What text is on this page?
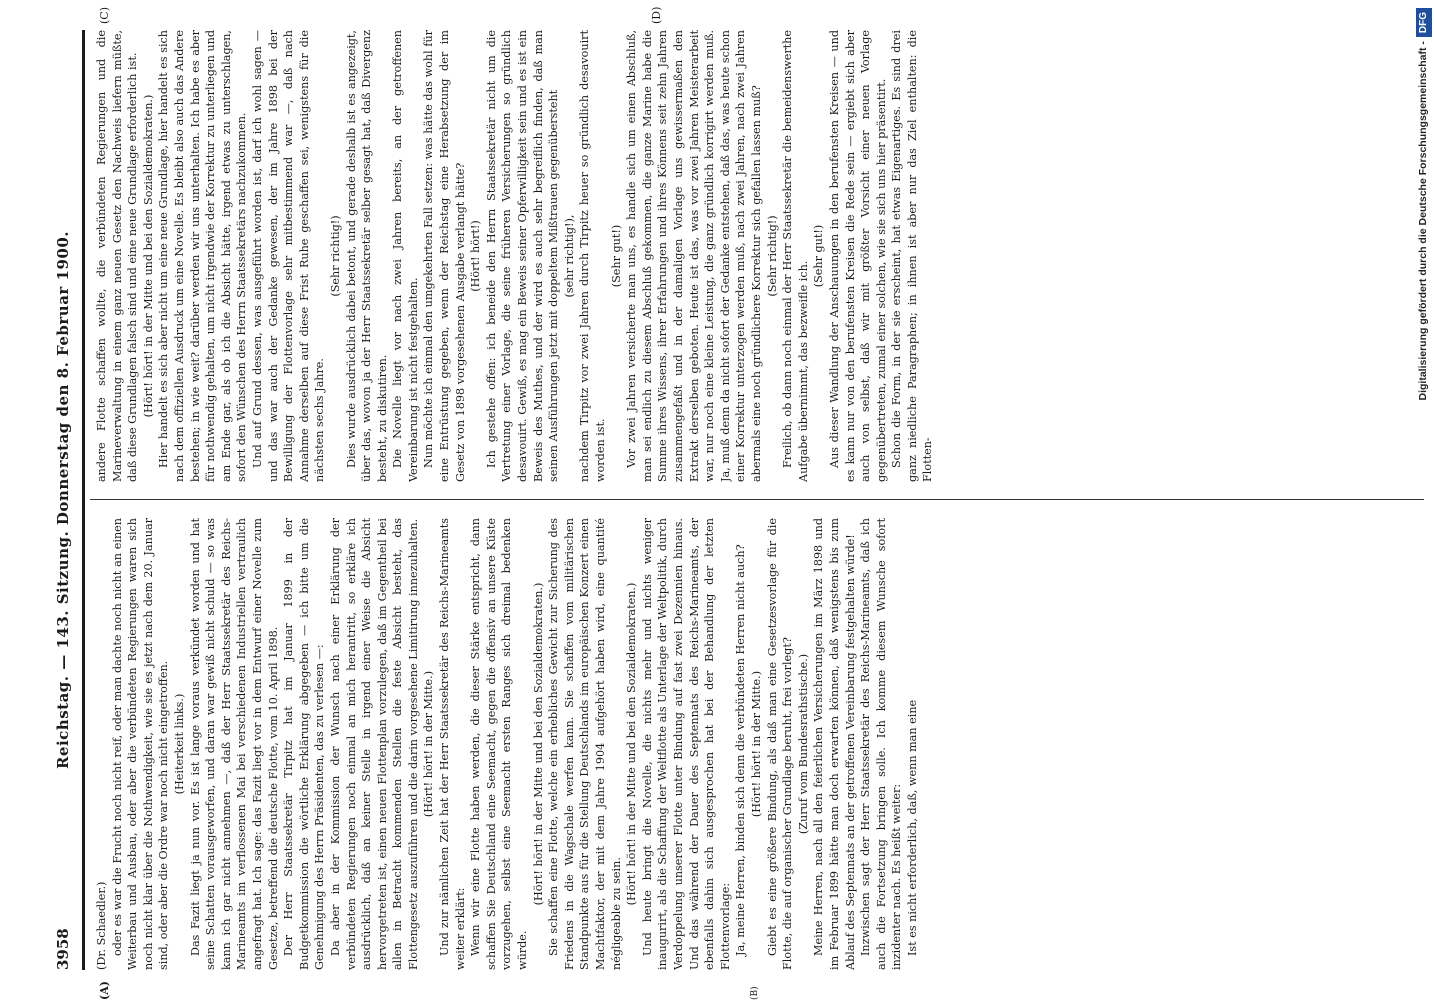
3958
Reichstag. — 143. Sitzung. Donnerstag den 8. Februar 1900.
(A)	(B)
(C)	(D)

(Dr. Schaedler.) oder es war die Frucht noch nicht reif, oder man dachte noch nicht an einen Weiterbau und Ausbau, oder aber die verbündeten Regierungen waren sich noch nicht klar über die Nothwendigkeit, wie sie es jetzt nach dem 20. Januar sind, oder aber die Ordre war noch nicht eingetroffen. (Heiterkeit links.) Das Fazit liegt ja nun vor. Es ist lange voraus verkündet worden und hat seine Schatten vorausgeworfen, und daran war gewiß nicht schuld — so was kann ich gar nicht annehmen —, daß der Herr Staatssekretär des Reichs-Marineamts im verflossenen Mai bei verschiedenen Industriellen vertraulich angefragt hat. Ich sage: das Fazit liegt vor in dem Entwurf einer Novelle zum Gesetze, betreffend die deutsche Flotte, vom 10. April 1898. Der Herr Staatssekretär Tirpitz hat im Januar 1899 in der Budgetkommission die wörtliche Erklärung abgegeben — ich bitte um die Genehmigung des Herrn Präsidenten, das zu verlesen —: Da aber in der Kommission der Wunsch nach einer Erklärung der verbündeten Regierungen noch einmal an mich herantritt, so erkläre ich ausdrücklich, daß an keiner Stelle in irgend einer Weise die Absicht hervorgetreten ist, einen neuen Flottenplan vorzulegen, daß im Gegentheil bei allen in Betracht kommenden Stellen die feste Absicht besteht, das Flottengesetz auszuführen und die darin vorgesehene Limitirung innezuhalten. (Hört! hört! in der Mitte.) Und zur nämlichen Zeit hat der Herr Staatssekretär des Reichs-Marineamts weiter erklärt: Wenn wir eine Flotte haben werden, die dieser Stärke entspricht, dann schaffen Sie Deutschland eine Seemacht, gegen die offensiv an unsere Küste vorzugehen, selbst eine Seemacht ersten Ranges sich dreimal bedenken würde.

(Hört! hört! in der Mitte und bei den Sozialdemokraten.) Sie schaffen eine Flotte, welche ein erhebliches Gewicht zur Sicherung des Friedens in die Wagschale werfen kann. Sie schaffen vom militärischen Standpunkte aus für die Stellung Deutschlands im europäischen Konzert einen Machtfaktor, der mit dem Jahre 1904 aufgehört haben wird, eine quantité négligeable zu sein.

(Hört! hört! in der Mitte und bei den Sozialdemokraten.) Und heute bringt die Novelle, die nichts mehr und nichts weniger inaugurirt, als die Schaffung der Weltflotte als Unterlage der Weltpolitik, durch Verdoppelung unserer Flotte unter Bindung auf fast zwei Dezennien hinaus. Und das während der Dauer des Septennats des Reichs-Marineamts, der ebenfalls dahin sich ausgesprochen hat bei der Behandlung der letzten Flottenvorlage: Ja, meine Herren, binden sich denn die verbündeten Herren nicht auch? (Hört! hört! in der Mitte.) Giebt es eine größere Bindung, als daß man eine Gesetzesvorlage für die Flotte, die auf organischer Grundlage beruht, frei vorlegt? (Zuruf vom Bundesrathstische.) Meine Herren, nach all den feierlichen Versicherungen im März 1898 und im Februar 1899 hätte man doch erwarten können, daß wenigstens bis zum Ablauf des Septennats an der getroffenen Vereinbarung festgehalten würde! Inzwischen sagt der Herr Staatssekretär des Reichs-Marineamts, daß ich auch die Fortsetzung bringen solle. Ich komme diesem Wunsche sofort inzidenter nach. Es heißt weiter: Ist es nicht erforderlich, daß, wenn man eine

andere Flotte schaffen wollte, die verbündeten Regierungen und die Marineverwaltung in einem ganz neuen Gesetz den Nachweis liefern müßte, daß diese Grundlagen falsch sind und eine neue Grundlage erforderlich ist. (Hört! hört! in der Mitte und bei den Sozialdemokraten.) Hier handelt es sich aber nicht um eine neue Grundlage, hier handelt es sich nach dem offiziellen Ausdruck um eine Novelle. Es bleibt also auch das Andere bestehen; in wie weit? darüber werden wir uns unterhalten. Ich habe es aber für nothwendig gehalten, um nicht irgendwie der Korrektur zu unterliegen und am Ende gar, als ob ich die Absicht hätte, irgend etwas zu unterschlagen, sofort den Wünschen des Herrn Staatssekretärs nachzukommen. Und auf Grund dessen, was ausgeführt worden ist, darf ich wohl sagen — und das war auch der Gedanke gewesen, der im Jahre 1898 bei der Bewilligung der Flottenvorlage sehr mitbestimmend war —, daß nach Annahme derselben auf diese Frist Ruhe geschaffen sei, wenigstens für die nächsten sechs Jahre.

(Sehr richtig!) Dies wurde ausdrücklich dabei betont, und gerade deshalb ist es angezeigt, über das, wovon ja der Herr Staatssekretär selber gesagt hat, daß Divergenz besteht, zu diskutiren. Die Novelle liegt vor nach zwei Jahren bereits, an der getroffenen Vereinbarung ist nicht festgehalten. Nun möchte ich einmal den umgekehrten Fall setzen: was hätte das wohl für eine Entrüstung gegeben, wenn der Reichstag eine Herabsetzung der im Gesetz von 1898 vorgesehenen Ausgabe verlangt hätte? (Hört! hört!) Ich gestehe offen: ich beneide den Herrn Staatssekretär nicht um die Vertretung einer Vorlage, die seine früheren Versicherungen so gründlich desavouirt. Gewiß, es mag ein Beweis seiner Opferwilligkeit sein und es ist ein Beweis des Muthes, und der wird es auch sehr begreiflich finden, daß man seinen Ausführungen jetzt mit doppeltem Mißtrauen gegenübersteht (sehr richtig!), nachdem Tirpitz vor zwei Jahren durch Tirpitz heuer so gründlich desavouirt worden ist.

(Sehr gut!) Vor zwei Jahren versicherte man uns, es handle sich um einen Abschluß, man sei endlich zu diesem Abschluß gekommen, die ganze Marine habe die Summe ihres Wissens, ihrer Erfahrungen und ihres Könnens seit zehn Jahren zusammengefaßt und in der damaligen Vorlage uns gewissermaßen den Extrakt derselben geboten. Heute ist das, was vor zwei Jahren Meisterarbeit war, nur noch eine kleine Leistung, die ganz gründlich korrigirt werden muß. Ja, muß denn da nicht sofort der Gedanke entstehen, daß das, was heute schon einer Korrektur unterzogen werden muß, nach zwei Jahren, nach zwei Jahren abermals eine noch gründlichere Korrektur sich gefallen lassen muß? (Sehr richtig!) Freilich, ob dann noch einmal der Herr Staatssekretär die bemeidenswerthe Aufgabe übernimmt, das bezweifle ich.

(Sehr gut!) Aus dieser Wandlung der Anschauungen in den berufensten Kreisen — und es kann nur von den berufensten Kreisen die Rede sein — ergiebt sich aber auch von selbst, daß wir mit größter Vorsicht einer neuen Vorlage gegenübertreten, zumal einer solchen, wie sie sich uns hier präsentirt. Schon die Form, in der sie erscheint, hat etwas Eigenartiges. Es sind drei ganz niedliche Paragraphen; in ihnen ist aber nur das Ziel enthalten: die Flotten-

Digitalisierung gefördert durch die Deutsche Forschungsgemeinschaft -DFG
